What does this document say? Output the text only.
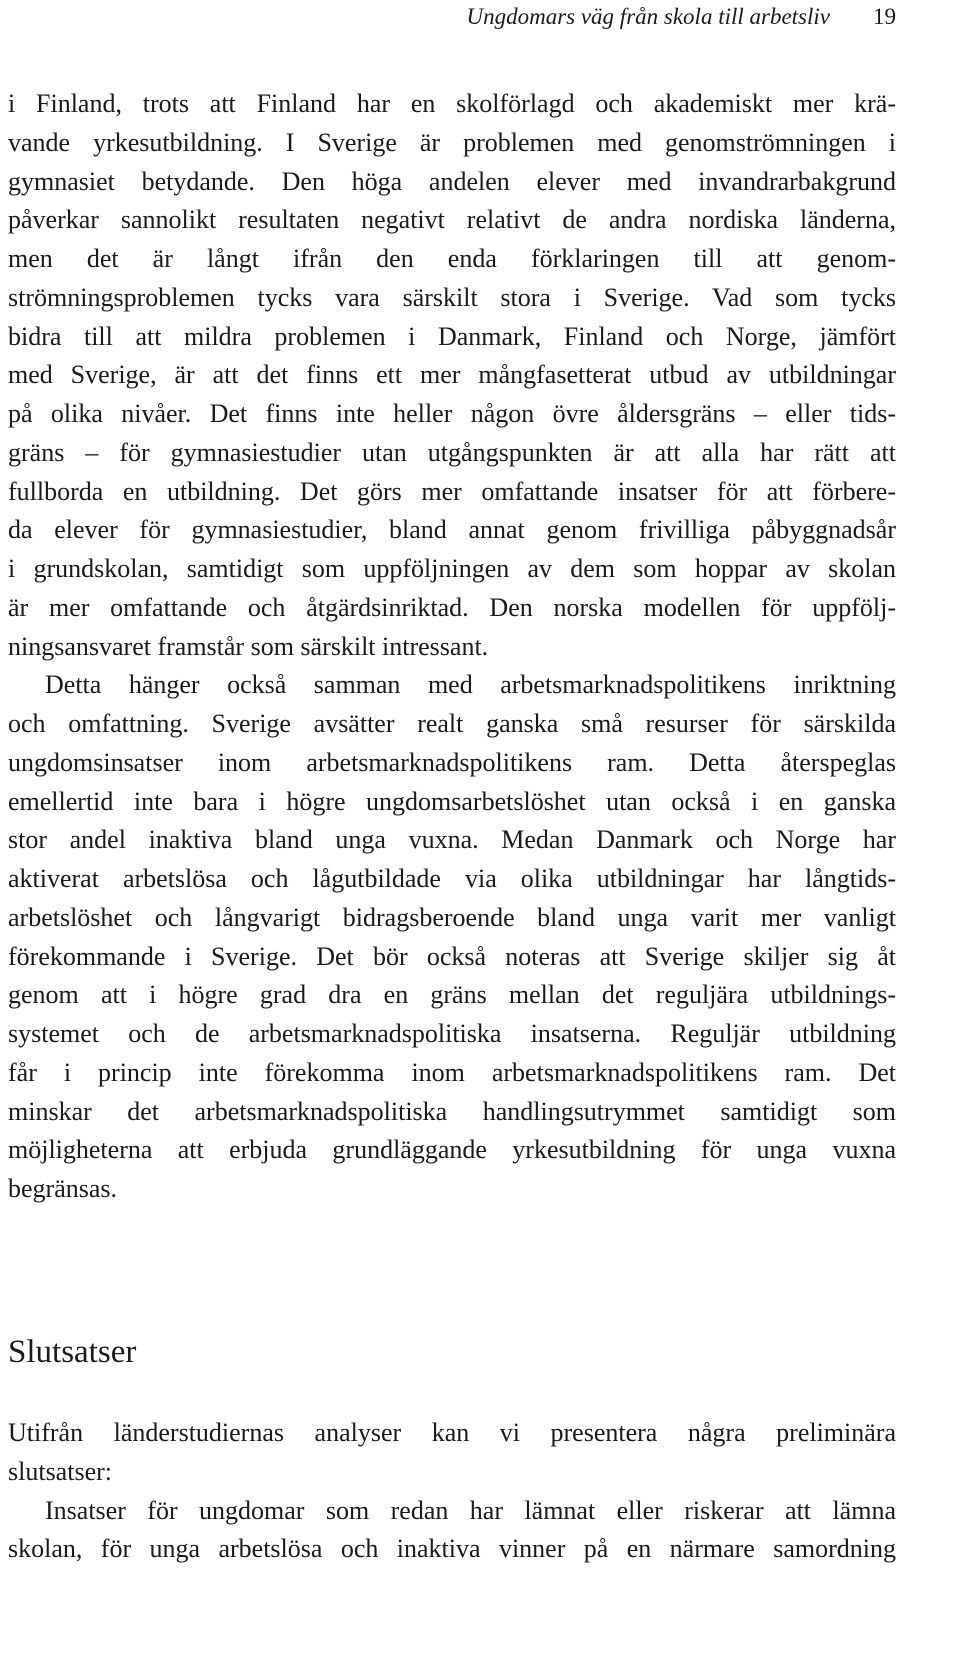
Ungdomars väg från skola till arbetsliv 19
i Finland, trots att Finland har en skolförlagd och akademiskt mer krä-
vande yrkesutbildning. I Sverige är problemen med genomströmningen i
gymnasiet betydande. Den höga andelen elever med invandrarbakgrund
påverkar sannolikt resultaten negativt relativt de andra nordiska länderna,
men det är långt ifrån den enda förklaringen till att genom-
strömningsproblemen tycks vara särskilt stora i Sverige. Vad som tycks
bidra till att mildra problemen i Danmark, Finland och Norge, jämfört
med Sverige, är att det finns ett mer mångfasetterat utbud av utbildningar
på olika nivåer. Det finns inte heller någon övre åldersgräns – eller tids-
gräns – för gymnasiestudier utan utgångspunkten är att alla har rätt att
fullborda en utbildning. Det görs mer omfattande insatser för att förbere-
da elever för gymnasiestudier, bland annat genom frivilliga påbyggnadsår
i grundskolan, samtidigt som uppföljningen av dem som hoppar av skolan
är mer omfattande och åtgärdsinriktad. Den norska modellen för uppfölj-
ningsansvaret framstår som särskilt intressant.
Detta hänger också samman med arbetsmarknadspolitikens inriktning
och omfattning. Sverige avsätter realt ganska små resurser för särskilda
ungdomsinsatser inom arbetsmarknadspolitikens ram. Detta återspeglas
emellertid inte bara i högre ungdomsarbetslöshet utan också i en ganska
stor andel inaktiva bland unga vuxna. Medan Danmark och Norge har
aktiverat arbetslösa och lågutbildade via olika utbildningar har långtids-
arbetslöshet och långvarigt bidragsberoende bland unga varit mer vanligt
förekommande i Sverige. Det bör också noteras att Sverige skiljer sig åt
genom att i högre grad dra en gräns mellan det reguljära utbildnings-
systemet och de arbetsmarknadspolitiska insatserna. Reguljär utbildning
får i princip inte förekomma inom arbetsmarknadspolitikens ram. Det
minskar det arbetsmarknadspolitiska handlingsutrymmet samtidigt som
möjligheterna att erbjuda grundläggande yrkesutbildning för unga vuxna
begränsas.
Slutsatser
Utifrån länderstudiernas analyser kan vi presentera några preliminära
slutsatser:
Insatser för ungdomar som redan har lämnat eller riskerar att lämna
skolan, för unga arbetslösa och inaktiva vinner på en närmare samordning
